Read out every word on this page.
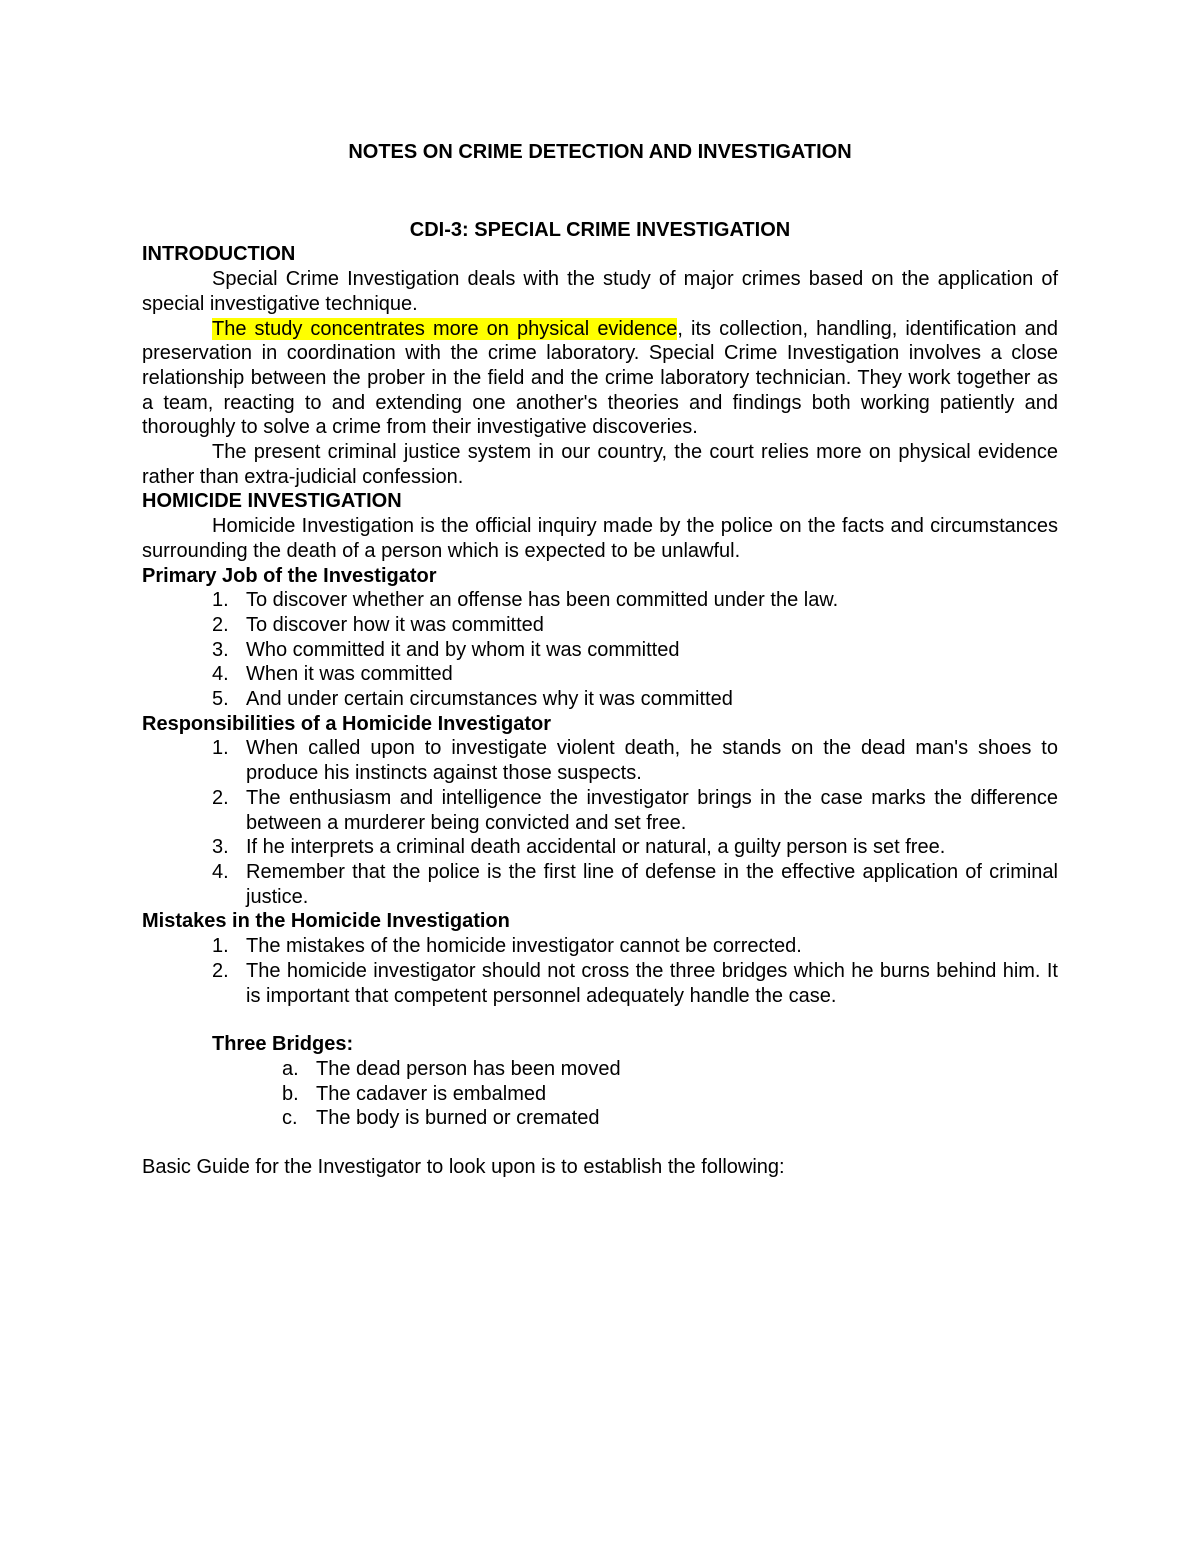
NOTES ON CRIME DETECTION AND INVESTIGATION

CDI-3: SPECIAL CRIME INVESTIGATION

INTRODUCTION

Special Crime Investigation deals with the study of major crimes based on the application of special investigative technique.

The study concentrates more on physical evidence, its collection, handling, identification and preservation in coordination with the crime laboratory. Special Crime Investigation involves a close relationship between the prober in the field and the crime laboratory technician. They work together as a team, reacting to and extending one another's theories and findings both working patiently and thoroughly to solve a crime from their investigative discoveries.

The present criminal justice system in our country, the court relies more on physical evidence rather than extra-judicial confession.

HOMICIDE INVESTIGATION

Homicide Investigation is the official inquiry made by the police on the facts and circumstances surrounding the death of a person which is expected to be unlawful.

Primary Job of the Investigator
1. To discover whether an offense has been committed under the law.
2. To discover how it was committed
3. Who committed it and by whom it was committed
4. When it was committed
5. And under certain circumstances why it was committed
Responsibilities of a Homicide Investigator
1. When called upon to investigate violent death, he stands on the dead man's shoes to produce his instincts against those suspects.
2. The enthusiasm and intelligence the investigator brings in the case marks the difference between a murderer being convicted and set free.
3. If he interprets a criminal death accidental or natural, a guilty person is set free.
4. Remember that the police is the first line of defense in the effective application of criminal justice.
Mistakes in the Homicide Investigation
1. The mistakes of the homicide investigator cannot be corrected.
2. The homicide investigator should not cross the three bridges which he burns behind him. It is important that competent personnel adequately handle the case.
Three Bridges:
a. The dead person has been moved
b. The cadaver is embalmed
c. The body is burned or cremated

Basic Guide for the Investigator to look upon is to establish the following:
